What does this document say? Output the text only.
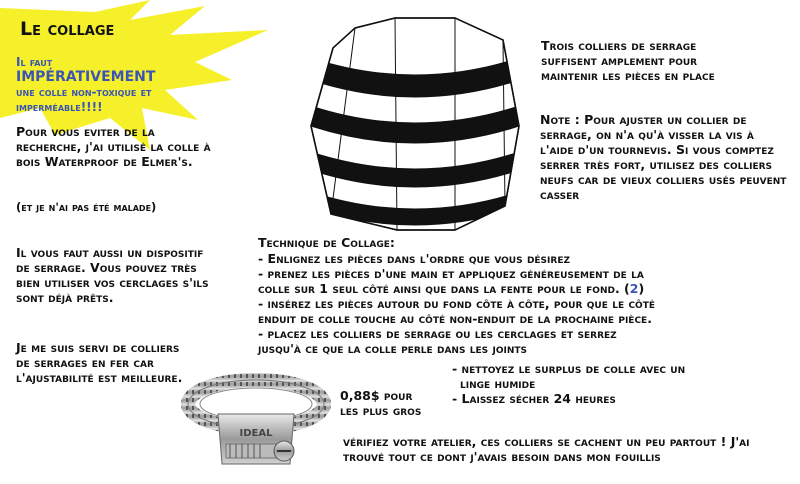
Le collage
Il faut IMPÉRATIVEMENT une colle non-toxique et imperméable!!!!
Pour vous eviter de la recherche, j'ai utilisé la colle à bois Waterproof de Elmer's.
(et je n'ai pas été malade)
Il vous faut aussi un dispositif de serrage. Vous pouvez très bien utiliser vos cerclages s'ils sont déjà prêts.
Je me suis servi de colliers de serrages en fer car l'ajustabilité est meilleure.
Trois colliers de serrage suffisent amplement pour maintenir les pièces en place
Note : Pour ajuster un collier de serrage, on n'a qu'à visser la vis à l'aide d'un tournevis. Si vous comptez serrer très fort, utilisez des colliers neufs car de vieux colliers usés peuvent casser
Technique de Collage:
- Enlignez les pièces dans l'ordre que vous désirez
- prenez les pièces d'une main et appliquez généreusement de la
colle sur 1 seul côté ainsi que dans la fente pour le fond. (2)
- insérez les pièces autour du fond côte à côte, pour que le côté
enduit de colle touche au côté non-enduit de la prochaine pièce.
- placez les colliers de serrage ou les cerclages et serrez
jusqu'à ce que la colle perle dans les joints
- nettoyez le surplus de colle avec un
linge humide
- Laissez sécher 24 heures
IDEAL
0,88$ pour les plus gros
vérifiez votre atelier, ces colliers se cachent un peu partout ! J'ai trouvé tout ce dont j'avais besoin dans mon fouillis
